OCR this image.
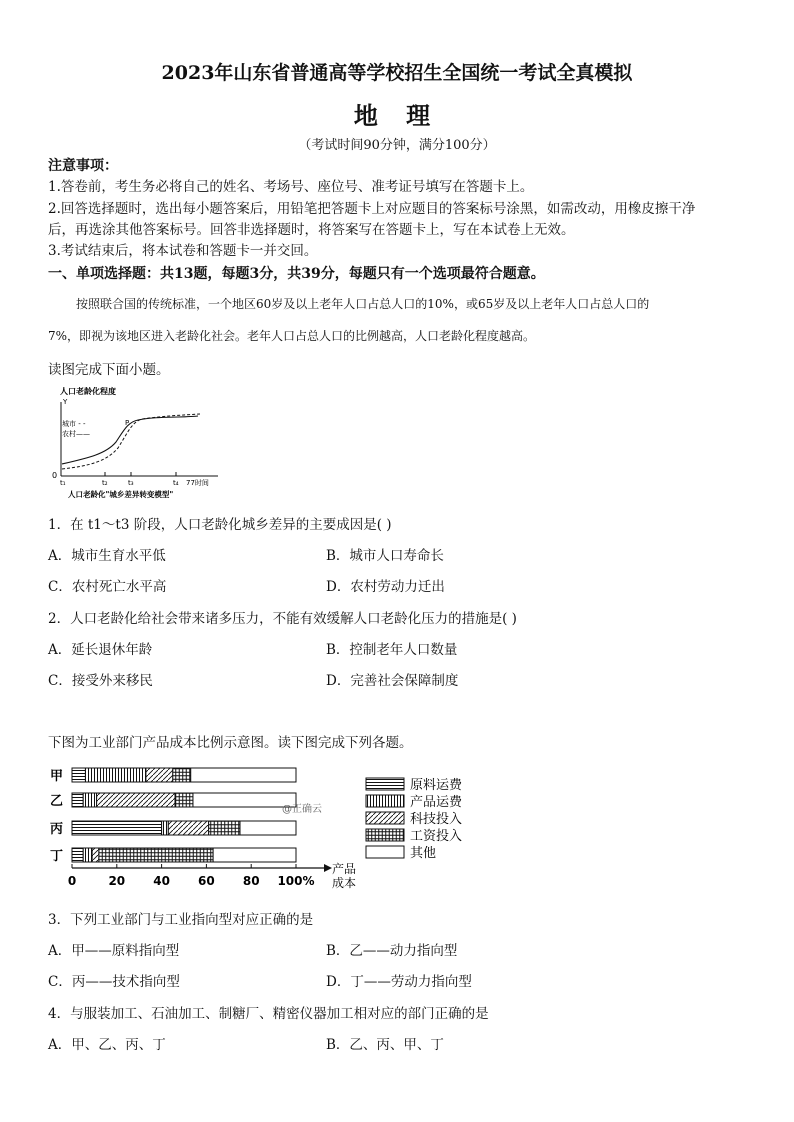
2023年山东省普通高等学校招生全国统一考试全真模拟
地 理
（考试时间90分钟，满分100分）
注意事项：
1.答卷前，考生务必将自己的姓名、考场号、座位号、准考证号填写在答题卡上。
2.回答选择题时，选出每小题答案后，用铅笔把答题卡上对应题目的答案标号涂黑，如需改动，用橡皮擦干净
后，再选涂其他答案标号。回答非选择题时，将答案写在答题卡上，写在本试卷上无效。
3.考试结束后，将本试卷和答题卡一并交回。
一、单项选择题：共13题，每题3分，共39分，每题只有一个选项最符合题意。
按照联合国的传统标准，一个地区60岁及以上老年人口占总人口的10%，或65岁及以上老年人口占总人口的
7%，即视为该地区进入老龄化社会。老年人口占总人口的比例越高，人口老龄化程度越高。
读图完成下面小题。
人口老龄化程度
Y
0
城市 - -
农村——
P
t₁	t₂	t₃	t₄ 77时间
人口老龄化"城乡差异转变模型"
1．在 t1～t3 阶段，人口老龄化城乡差异的主要成因是( )
A．城市生育水平低	B．城市人口寿命长
C．农村死亡水平高	D．农村劳动力迁出
2．人口老龄化给社会带来诸多压力，不能有效缓解人口老龄化压力的措施是( )
A．延长退休年龄	B．控制老年人口数量
C．接受外来移民	D．完善社会保障制度
下图为工业部门产品成本比例示意图。读下图完成下列各题。
甲
乙
丙
丁
原料运费
产品运费
科技投入
工资投入
其他
0	20 40 60 80 100%
产品
成本
@正确云
3．下列工业部门与工业指向型对应正确的是
A．甲——原料指向型	B．乙——动力指向型
C．丙——技术指向型	D．丁——劳动力指向型
4．与服装加工、石油加工、制糖厂、精密仪器加工相对应的部门正确的是
A．甲、乙、丙、丁	B．乙、丙、甲、丁
